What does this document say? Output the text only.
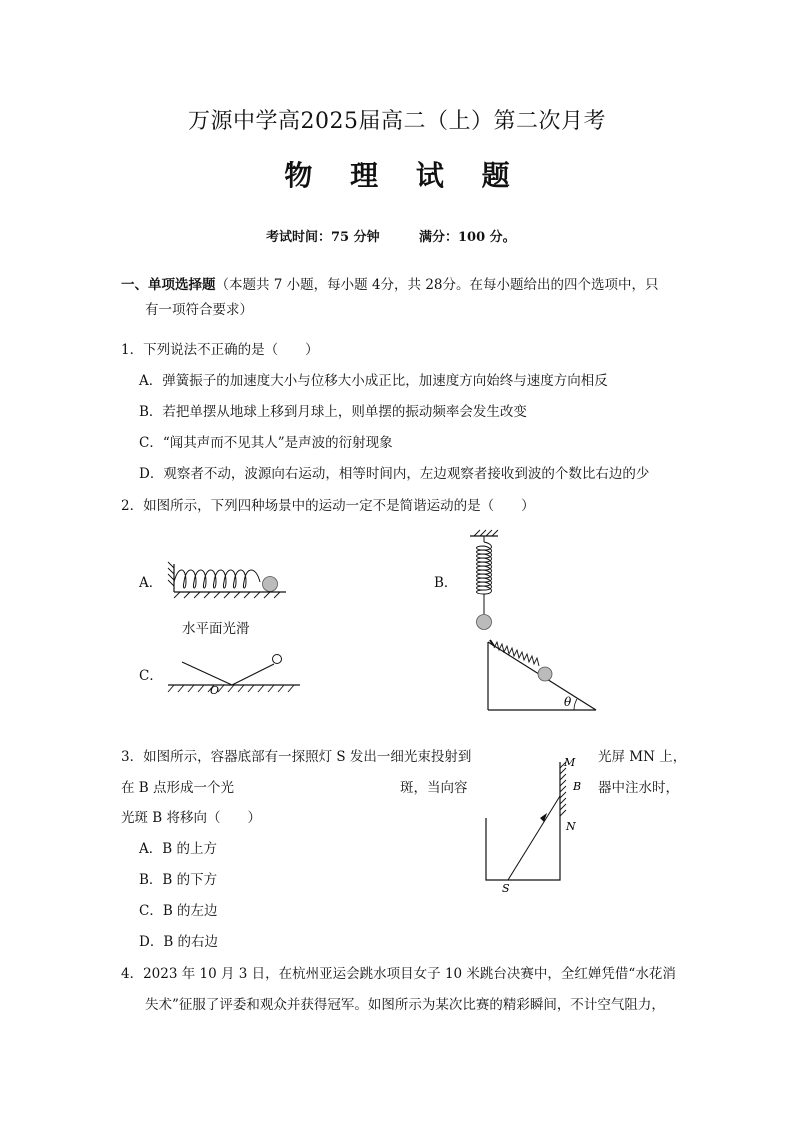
万源中学高2025届高二（上）第二次月考
物 理 试 题
考试时间：75 分钟	满分：100 分。
一、单项选择题（本题共 7 小题，每小题 4分，共 28分。在每小题给出的四个选项中，只
有一项符合要求）
1．下列说法不正确的是（　　）
A．弹簧振子的加速度大小与位移大小成正比，加速度方向始终与速度方向相反
B．若把单摆从地球上移到月球上，则单摆的振动频率会发生改变
C．“闻其声而不见其人”是声波的衍射现象
D．观察者不动，波源向右运动，相等时间内，左边观察者接收到波的个数比右边的少
2．如图所示，下列四种场景中的运动一定不是简谐运动的是（　　）
A．	B．
C．
水平面光滑
O
θ
3．如图所示，容器底部有一探照灯 S 发出一细光束投射到	光屏 MN 上，
在 B 点形成一个光	斑，当向容	器中注水时，
光斑 B 将移向（　　）
A．B 的上方
B．B 的下方
C．B 的左边
D．B 的右边
M
B
N
S
4．2023 年 10 月 3 日，在杭州亚运会跳水项目女子 10 米跳台决赛中，全红婵凭借“水花消
失术”征服了评委和观众并获得冠军。如图所示为某次比赛的精彩瞬间，不计空气阻力，
